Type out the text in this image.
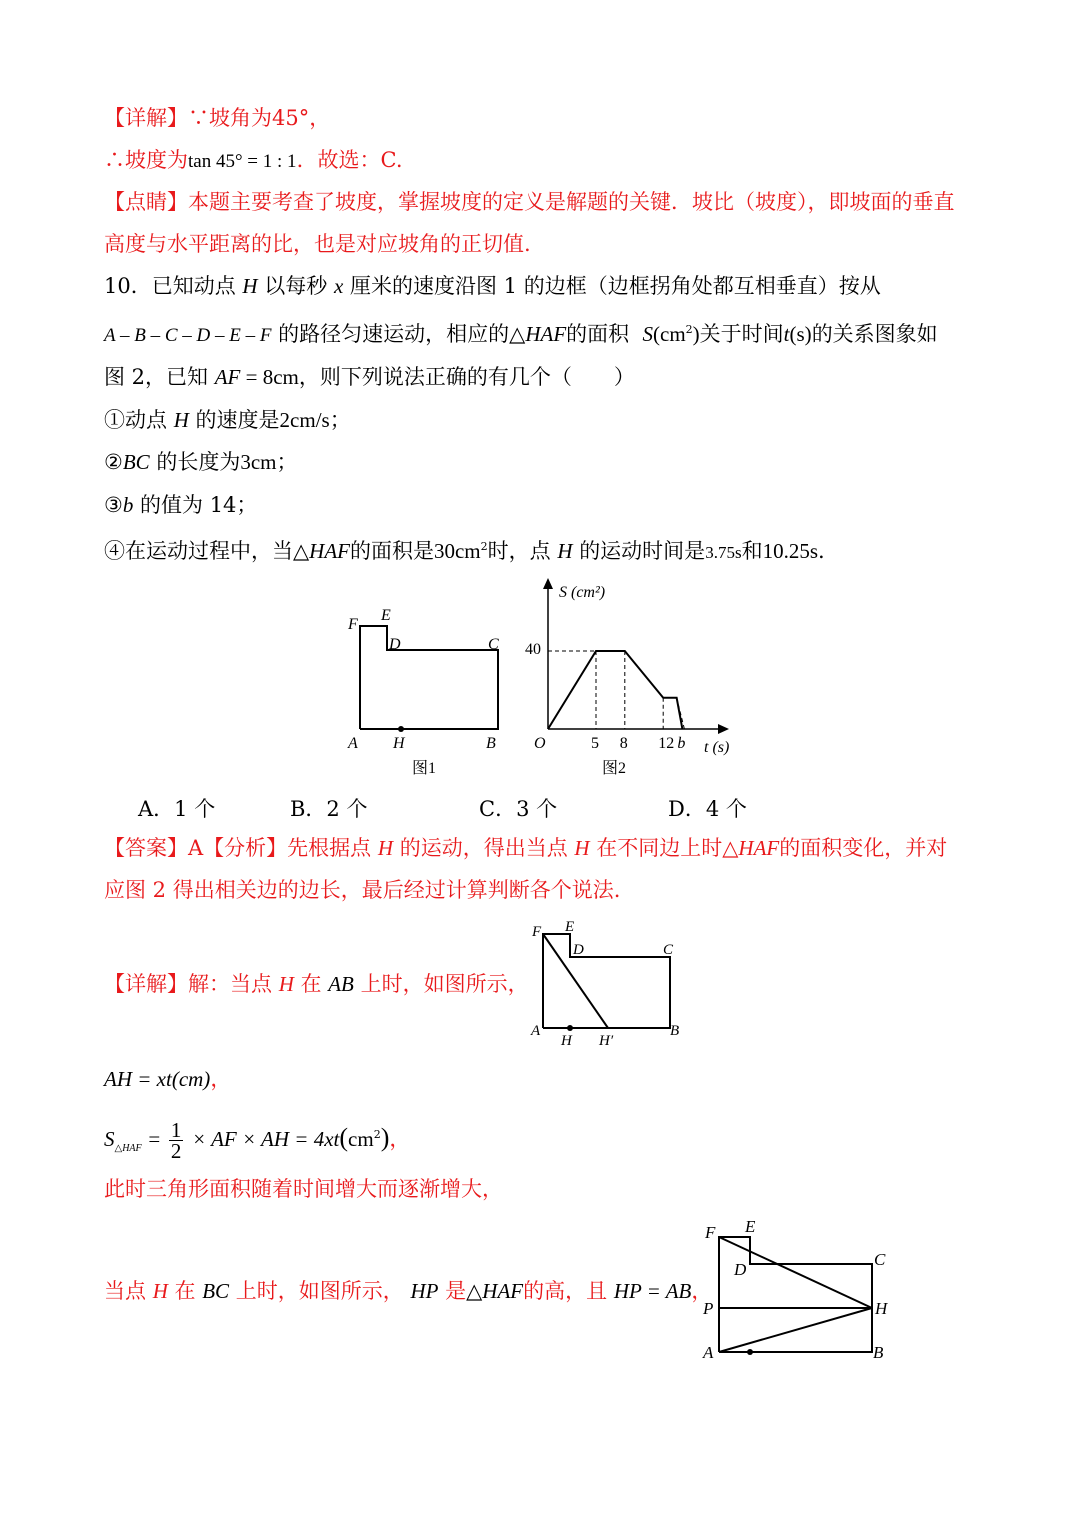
【详解】∵坡角为45°，
∴坡度为tan 45° = 1 : 1．故选：C.
【点睛】本题主要考查了坡度，掌握坡度的定义是解题的关键．坡比（坡度），即坡面的垂直
高度与水平距离的比，也是对应坡角的正切值.
10．已知动点 H 以每秒 x 厘米的速度沿图 1 的边框（边框拐角处都互相垂直）按从
A – B – C – D – E – F 的路径匀速运动，相应的△HAF的面积 $S(cm^2)$关于时间t(s)的关系图象如
图 2，已知 AF = 8cm，则下列说法正确的有几个（　　）
①动点 H 的速度是2cm/s；
②BC 的长度为3cm；
③b 的值为 14；
④在运动过程中，当△HAF的面积是$30cm^2$时，点 H 的运动时间是3.75s和10.25s.
F
E
D	C
A H	B
图1
S (cm²)
t (s)
O
40
5 8 12 b
图2
A．1 个	B．2 个	C．3 个	D．4 个
【答案】A【分析】先根据点 H 的运动，得出当点 H 在不同边上时△HAF的面积变化，并对
应图 2 得出相关边的边长，最后经过计算判断各个说法.
【详解】解：当点 H 在 AB 上时，如图所示，
F E
D	C
A
H H′
B
AH = xt(cm)，
$S_{\triangle HAF} = \frac{1}{2}$ × AF × AH = $4xt(cm^2)$，
此时三角形面积随着时间增大而逐渐增大，
当点 H 在 BC 上时，如图所示， HP 是△HAF的高，且 HP = AB，
F E
D
C
P	H
A	B
